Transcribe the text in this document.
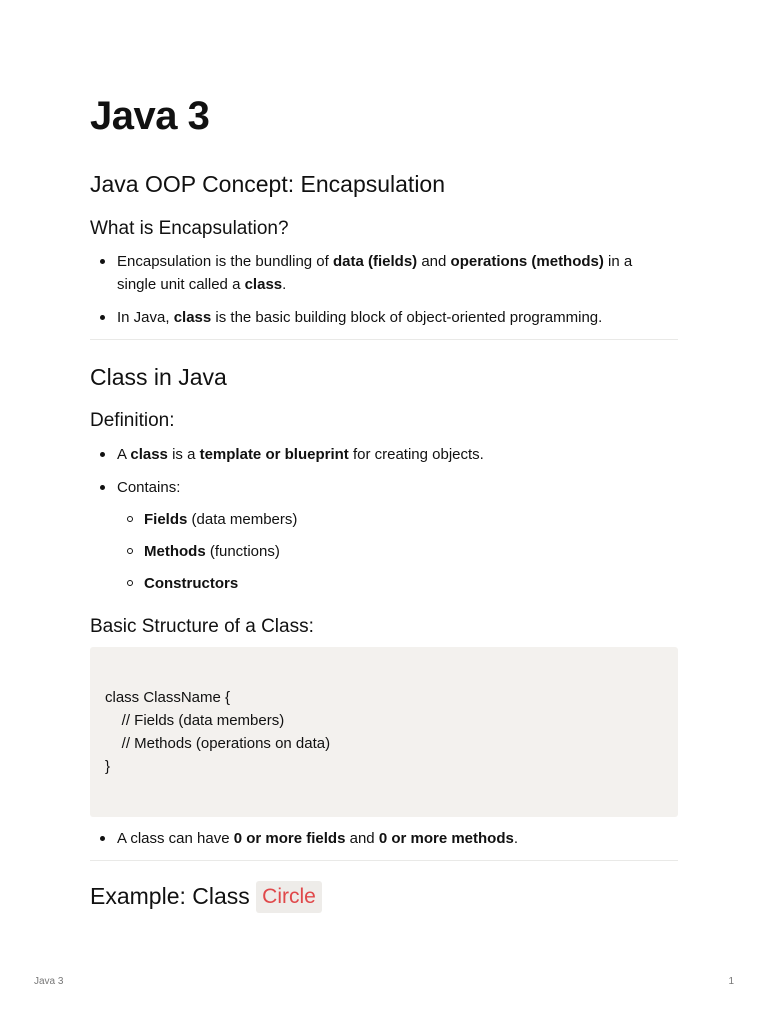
Java 3
Java OOP Concept: Encapsulation
What is Encapsulation?
Encapsulation is the bundling of data (fields) and operations (methods) in a
single unit called a class.
In Java, class is the basic building block of object-oriented programming.
Class in Java
Definition:
A class is a template or blueprint for creating objects.
Contains:
Fields (data members)
Methods (functions)
Constructors
Basic Structure of a Class:
class ClassName {
// Fields (data members)
// Methods (operations on data)
}
A class can have 0 or more fields and 0 or more methods.
Example: Class Circle
Java 3	1
